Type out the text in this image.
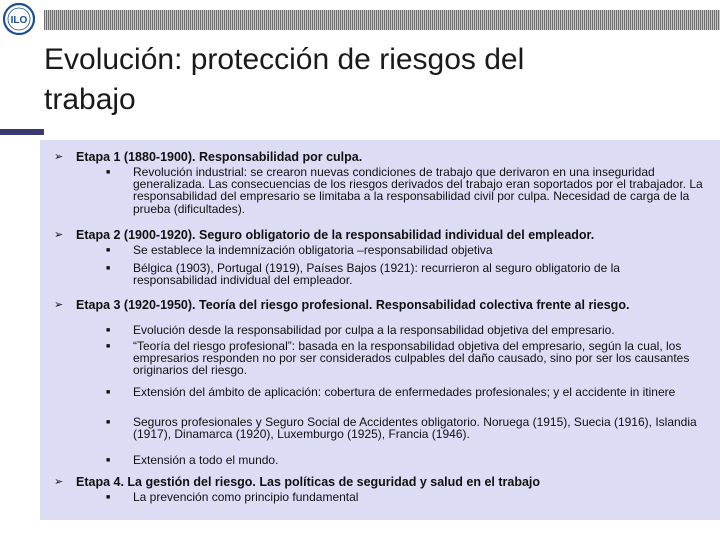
ILO
Evolución: protección de riesgos del
trabajo
➢ Etapa 1 (1880-1900). Responsabilidad por culpa.
■ Revolución industrial: se crearon nuevas condiciones de trabajo que derivaron en una inseguridad generalizada. Las consecuencias de los riesgos derivados del trabajo eran soportados por el trabajador. La responsabilidad del empresario se limitaba a la responsabilidad civil por culpa. Necesidad de carga de la prueba (dificultades).
➢ Etapa 2 (1900-1920). Seguro obligatorio de la responsabilidad individual del empleador.
■ Se establece la indemnización obligatoria –responsabilidad objetiva
■ Bélgica (1903), Portugal (1919), Países Bajos (1921): recurrieron al seguro obligatorio de la responsabilidad individual del empleador.
➢ Etapa 3 (1920-1950). Teoría del riesgo profesional. Responsabilidad colectiva frente al riesgo.
■ Evolución desde la responsabilidad por culpa a la responsabilidad objetiva del empresario.
■ “Teoría del riesgo profesional”: basada en la responsabilidad objetiva del empresario, según la cual, los empresarios responden no por ser considerados culpables del daño causado, sino por ser los causantes originarios del riesgo.
■ Extensión del ámbito de aplicación: cobertura de enfermedades profesionales; y el accidente in itinere
■ Seguros profesionales y Seguro Social de Accidentes obligatorio. Noruega (1915), Suecia (1916), Islandia (1917), Dinamarca (1920), Luxemburgo (1925), Francia (1946).
■ Extensión a todo el mundo.
➢ Etapa 4. La gestión del riesgo. Las políticas de seguridad y salud en el trabajo
■ La prevención como principio fundamental
